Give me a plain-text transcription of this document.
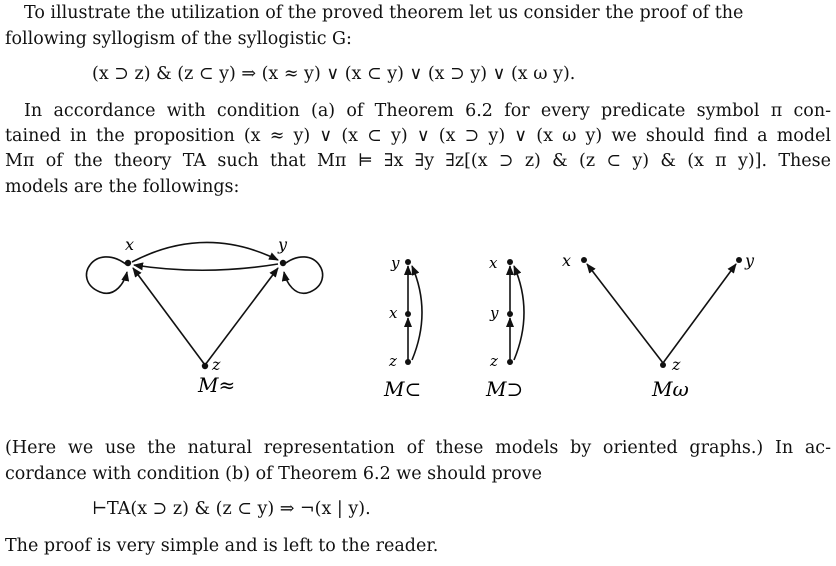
To illustrate the utilization of the proved theorem let us consider the proof of the
following syllogism of the syllogistic G:
(x ⊃ z) & (z ⊂ y) ⇒ (x ≈ y) ∨ (x ⊂ y) ∨ (x ⊃ y) ∨ (x ω y).
In accordance with condition (a) of Theorem 6.2 for every predicate symbol π con-
tained in the proposition (x ≈ y) ∨ (x ⊂ y) ∨ (x ⊃ y) ∨ (x ω y) we should find a model
Mπ of the theory TA such that Mπ ⊨ ∃x ∃y ∃z[(x ⊃ z) & (z ⊂ y) & (x π y)]. These
models are the followings:
x	y
z
M≈
y
x
z
M⊂
x
y
z
M⊃
x	y
z
Mω
(Here we use the natural representation of these models by oriented graphs.) In ac-
cordance with condition (b) of Theorem 6.2 we should prove
⊢TA(x ⊃ z) & (z ⊂ y) ⇒ ¬(x | y).
The proof is very simple and is left to the reader.
